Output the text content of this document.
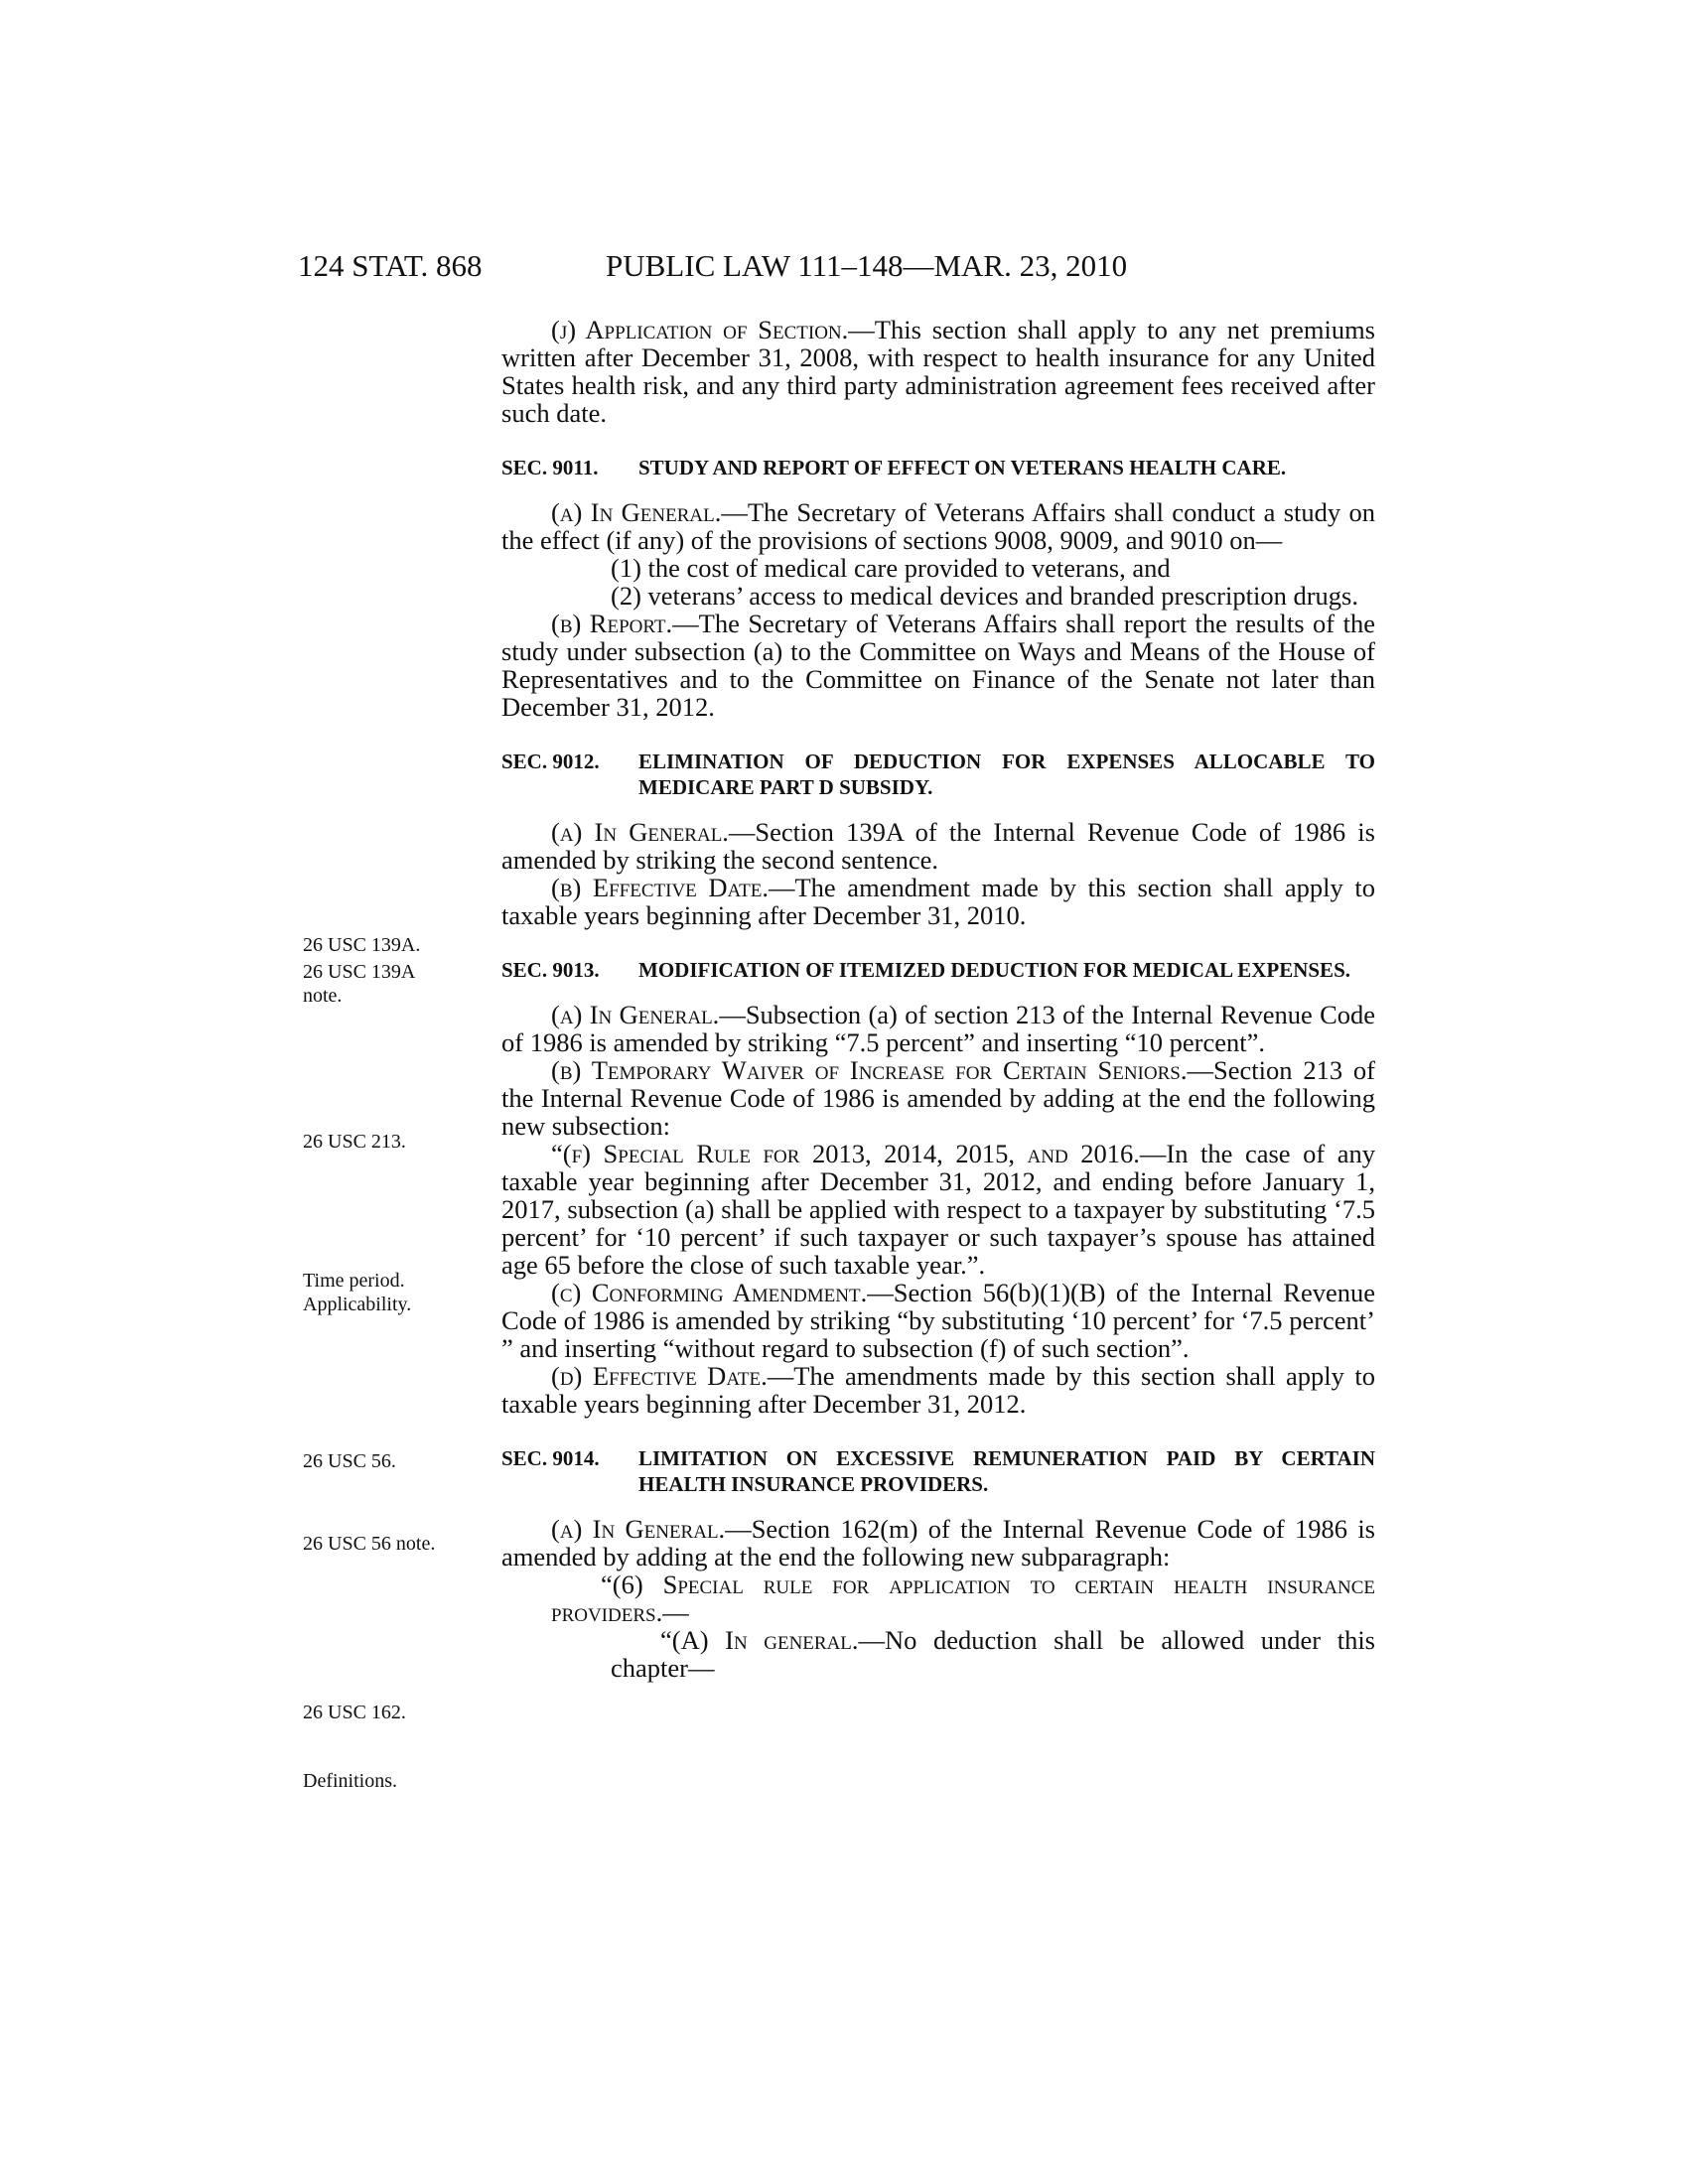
124 STAT. 868	PUBLIC LAW 111–148—MAR. 23, 2010
26 USC 139A.
26 USC 139A note.
26 USC 213.
Time period. Applicability.
26 USC 56.
26 USC 56 note.
26 USC 162.
Definitions.

(j) Application of Section.—This section shall apply to any net premiums written after December 31, 2008, with respect to health insurance for any United States health risk, and any third party administration agreement fees received after such date.

SEC. 9011. STUDY AND REPORT OF EFFECT ON VETERANS HEALTH CARE.

(a) In General.—The Secretary of Veterans Affairs shall conduct a study on the effect (if any) of the provisions of sections 9008, 9009, and 9010 on—

(1) the cost of medical care provided to veterans, and

(2) veterans’ access to medical devices and branded prescription drugs.

(b) Report.—The Secretary of Veterans Affairs shall report the results of the study under subsection (a) to the Committee on Ways and Means of the House of Representatives and to the Committee on Finance of the Senate not later than December 31, 2012.

SEC. 9012. ELIMINATION OF DEDUCTION FOR EXPENSES ALLOCABLE TO MEDICARE PART D SUBSIDY.

(a) In General.—Section 139A of the Internal Revenue Code of 1986 is amended by striking the second sentence.

(b) Effective Date.—The amendment made by this section shall apply to taxable years beginning after December 31, 2010.

SEC. 9013. MODIFICATION OF ITEMIZED DEDUCTION FOR MEDICAL EXPENSES.

(a) In General.—Subsection (a) of section 213 of the Internal Revenue Code of 1986 is amended by striking “7.5 percent” and inserting “10 percent”.

(b) Temporary Waiver of Increase for Certain Seniors.—Section 213 of the Internal Revenue Code of 1986 is amended by adding at the end the following new subsection:

“(f) Special Rule for 2013, 2014, 2015, and 2016.—In the case of any taxable year beginning after December 31, 2012, and ending before January 1, 2017, subsection (a) shall be applied with respect to a taxpayer by substituting ‘7.5 percent’ for ‘10 percent’ if such taxpayer or such taxpayer’s spouse has attained age 65 before the close of such taxable year.”.

(c) Conforming Amendment.—Section 56(b)(1)(B) of the Internal Revenue Code of 1986 is amended by striking “by substituting ‘10 percent’ for ‘7.5 percent’ ” and inserting “without regard to subsection (f) of such section”.

(d) Effective Date.—The amendments made by this section shall apply to taxable years beginning after December 31, 2012.

SEC. 9014. LIMITATION ON EXCESSIVE REMUNERATION PAID BY CERTAIN HEALTH INSURANCE PROVIDERS.

(a) In General.—Section 162(m) of the Internal Revenue Code of 1986 is amended by adding at the end the following new subparagraph:

“(6) Special rule for application to certain health insurance providers.—

“(A) In general.—No deduction shall be allowed under this chapter—
